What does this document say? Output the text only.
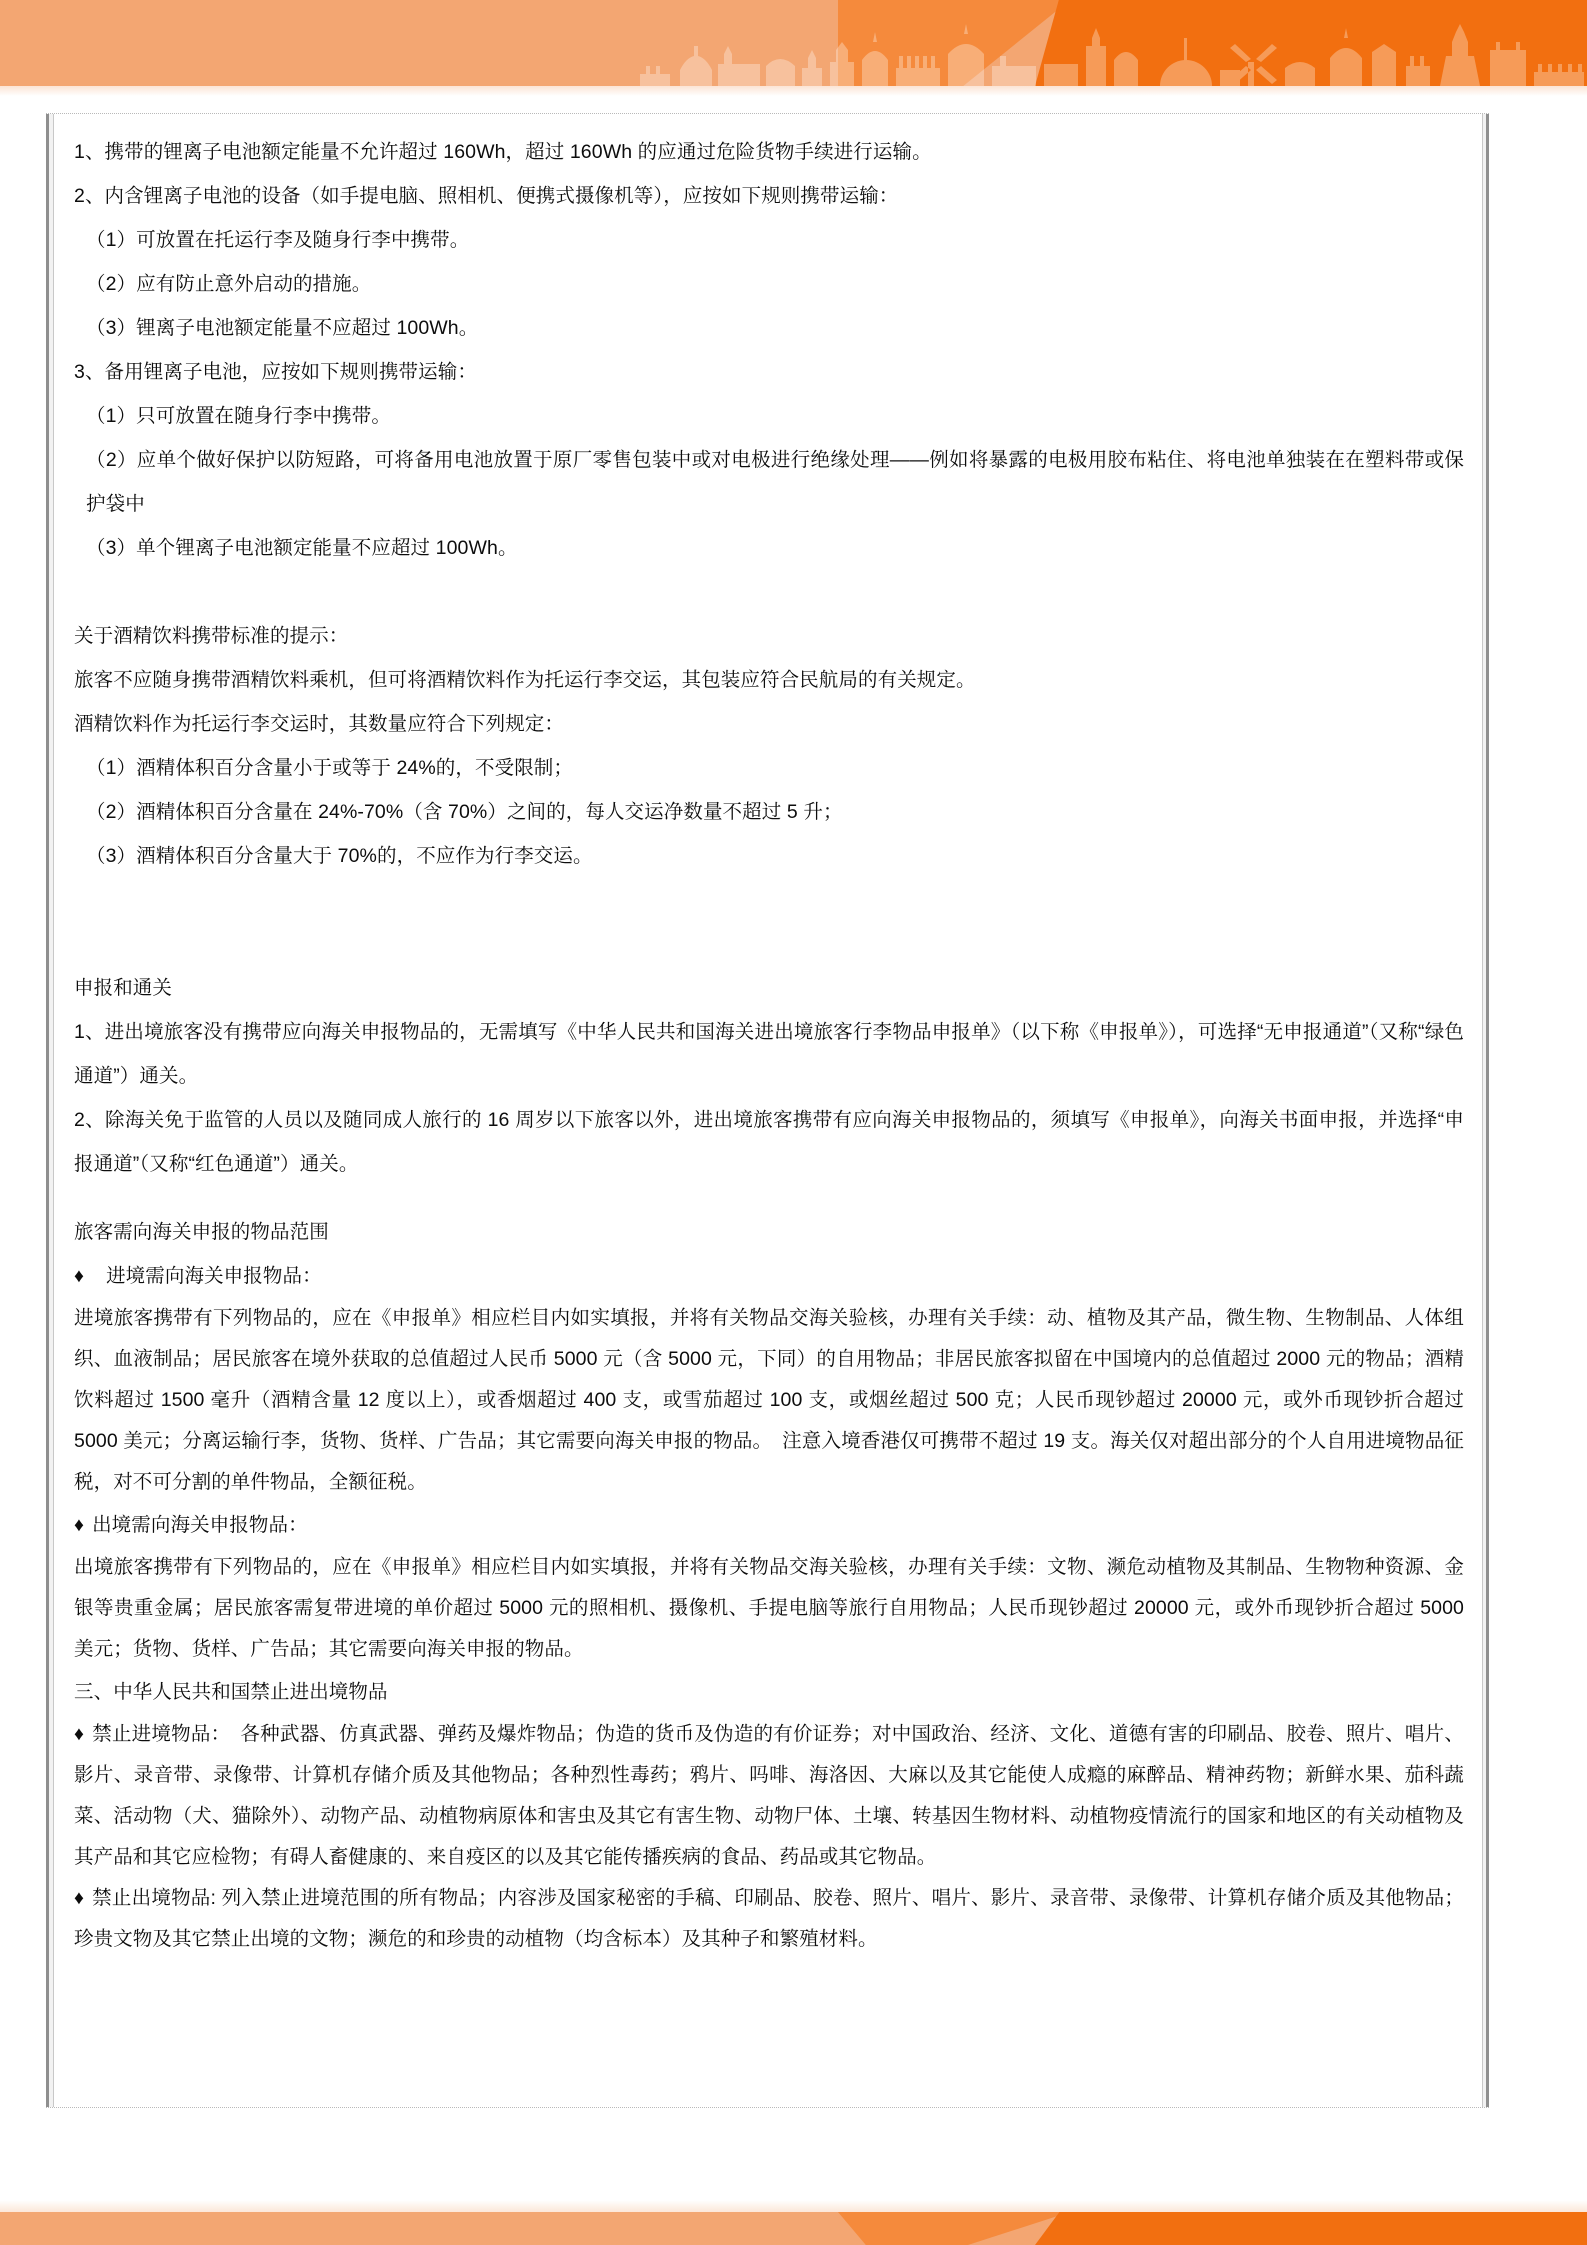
1、携带的锂离子电池额定能量不允许超过 160Wh，超过 160Wh 的应通过危险货物手续进行运输。

2、内含锂离子电池的设备（如手提电脑、照相机、便携式摄像机等），应按如下规则携带运输：

（1）可放置在托运行李及随身行李中携带。

（2）应有防止意外启动的措施。

（3）锂离子电池额定能量不应超过 100Wh。

3、备用锂离子电池，应按如下规则携带运输：

（1）只可放置在随身行李中携带。

（2）应单个做好保护以防短路，可将备用电池放置于原厂零售包装中或对电极进行绝缘处理——例如将暴露的电极用胶布粘住、将电池单独装在在塑料带或保护袋中

（3）单个锂离子电池额定能量不应超过 100Wh。

关于酒精饮料携带标准的提示：

旅客不应随身携带酒精饮料乘机，但可将酒精饮料作为托运行李交运，其包装应符合民航局的有关规定。

酒精饮料作为托运行李交运时，其数量应符合下列规定：

（1）酒精体积百分含量小于或等于 24%的，不受限制；

（2）酒精体积百分含量在 24%-70%（含 70%）之间的，每人交运净数量不超过 5 升；

（3）酒精体积百分含量大于 70%的，不应作为行李交运。

申报和通关

1、进出境旅客没有携带应向海关申报物品的，无需填写《中华人民共和国海关进出境旅客行李物品申报单》（以下称《申报单》），可选择“无申报通道”（又称“绿色通道”）通关。

2、除海关免于监管的人员以及随同成人旅行的 16 周岁以下旅客以外，进出境旅客携带有应向海关申报物品的，须填写《申报单》，向海关书面申报，并选择“申报通道”（又称“红色通道”）通关。

旅客需向海关申报的物品范围

♦ 进境需向海关申报物品：

进境旅客携带有下列物品的，应在《申报单》相应栏目内如实填报，并将有关物品交海关验核，办理有关手续：动、植物及其产品，微生物、生物制品、人体组织、血液制品；居民旅客在境外获取的总值超过人民币 5000 元（含 5000 元，下同）的自用物品；非居民旅客拟留在中国境内的总值超过 2000 元的物品；酒精饮料超过 1500 毫升（酒精含量 12 度以上），或香烟超过 400 支，或雪茄超过 100 支，或烟丝超过 500 克；人民币现钞超过 20000 元，或外币现钞折合超过 5000 美元；分离运输行李，货物、货样、广告品；其它需要向海关申报的物品。　注意入境香港仅可携带不超过 19 支。海关仅对超出部分的个人自用进境物品征税，对不可分割的单件物品，全额征税。

♦ 出境需向海关申报物品：

出境旅客携带有下列物品的，应在《申报单》相应栏目内如实填报，并将有关物品交海关验核，办理有关手续：文物、濒危动植物及其制品、生物物种资源、金银等贵重金属；居民旅客需复带进境的单价超过 5000 元的照相机、摄像机、手提电脑等旅行自用物品；人民币现钞超过 20000 元，或外币现钞折合超过 5000 美元；货物、货样、广告品；其它需要向海关申报的物品。

三、中华人民共和国禁止进出境物品

♦ 禁止进境物品：　各种武器、仿真武器、弹药及爆炸物品；伪造的货币及伪造的有价证券；对中国政治、经济、文化、道德有害的印刷品、胶卷、照片、唱片、影片、录音带、录像带、计算机存储介质及其他物品；各种烈性毒药；鸦片、吗啡、海洛因、大麻以及其它能使人成瘾的麻醉品、精神药物；新鲜水果、茄科蔬菜、活动物（犬、猫除外）、动物产品、动植物病原体和害虫及其它有害生物、动物尸体、土壤、转基因生物材料、动植物疫情流行的国家和地区的有关动植物及其产品和其它应检物；有碍人畜健康的、来自疫区的以及其它能传播疾病的食品、药品或其它物品。

♦ 禁止出境物品: 列入禁止进境范围的所有物品；内容涉及国家秘密的手稿、印刷品、胶卷、照片、唱片、影片、录音带、录像带、计算机存储介质及其他物品；珍贵文物及其它禁止出境的文物；濒危的和珍贵的动植物（均含标本）及其种子和繁殖材料。
